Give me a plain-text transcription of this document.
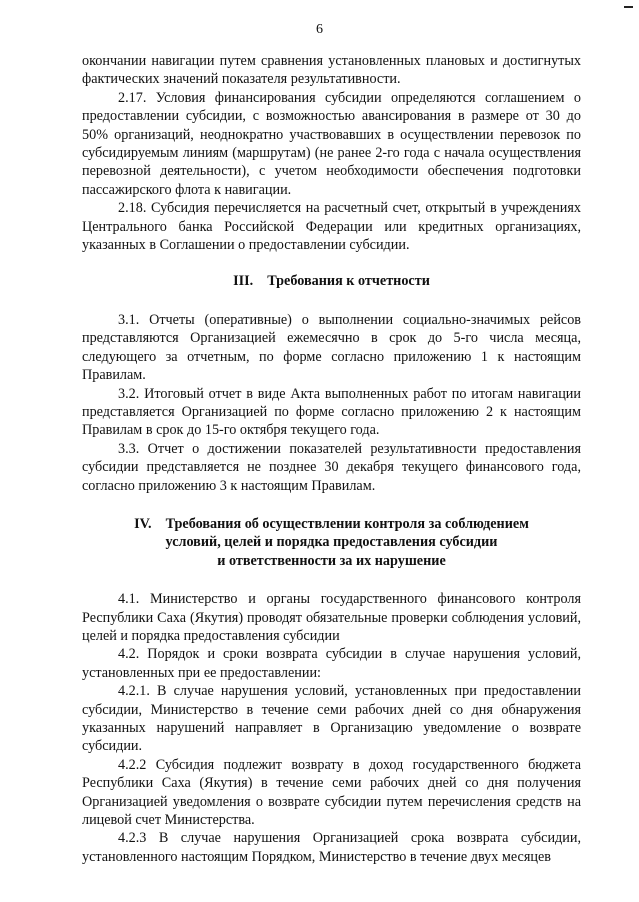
6

окончании навигации путем сравнения установленных плановых и достигнутых фактических значений показателя результативности.

2.17. Условия финансирования субсидии определяются соглашением о предоставлении субсидии, с возможностью авансирования в размере от 30 до 50% организаций, неоднократно участвовавших в осуществлении перевозок по субсидируемым линиям (маршрутам) (не ранее 2-го года с начала осуществления перевозной деятельности), с учетом необходимости обеспечения подготовки пассажирского флота к навигации.

2.18. Субсидия перечисляется на расчетный счет, открытый в учреждениях Центрального банка Российской Федерации или кредитных организациях, указанных в Соглашении о предоставлении субсидии.

III. Требования к отчетности

3.1. Отчеты (оперативные) о выполнении социально-значимых рейсов представляются Организацией ежемесячно в срок до 5-го числа месяца, следующего за отчетным, по форме согласно приложению 1 к настоящим Правилам.

3.2. Итоговый отчет в виде Акта выполненных работ по итогам навигации представляется Организацией по форме согласно приложению 2 к настоящим Правилам в срок до 15-го октября текущего года.

3.3. Отчет о достижении показателей результативности предоставления субсидии представляется не позднее 30 декабря текущего финансового года, согласно приложению 3 к настоящим Правилам.

IV. Требования об осуществлении контроля за соблюдением
условий, целей и порядка предоставления субсидии
и ответственности за их нарушение

4.1. Министерство и органы государственного финансового контроля Республики Саха (Якутия) проводят обязательные проверки соблюдения условий, целей и порядка предоставления субсидии

4.2. Порядок и сроки возврата субсидии в случае нарушения условий, установленных при ее предоставлении:

4.2.1. В случае нарушения условий, установленных при предоставлении субсидии, Министерство в течение семи рабочих дней со дня обнаружения указанных нарушений направляет в Организацию уведомление о возврате субсидии.

4.2.2 Субсидия подлежит возврату в доход государственного бюджета Республики Саха (Якутия) в течение семи рабочих дней со дня получения Организацией уведомления о возврате субсидии путем перечисления средств на лицевой счет Министерства.

4.2.3 В случае нарушения Организацией срока возврата субсидии, установленного настоящим Порядком, Министерство в течение двух месяцев
